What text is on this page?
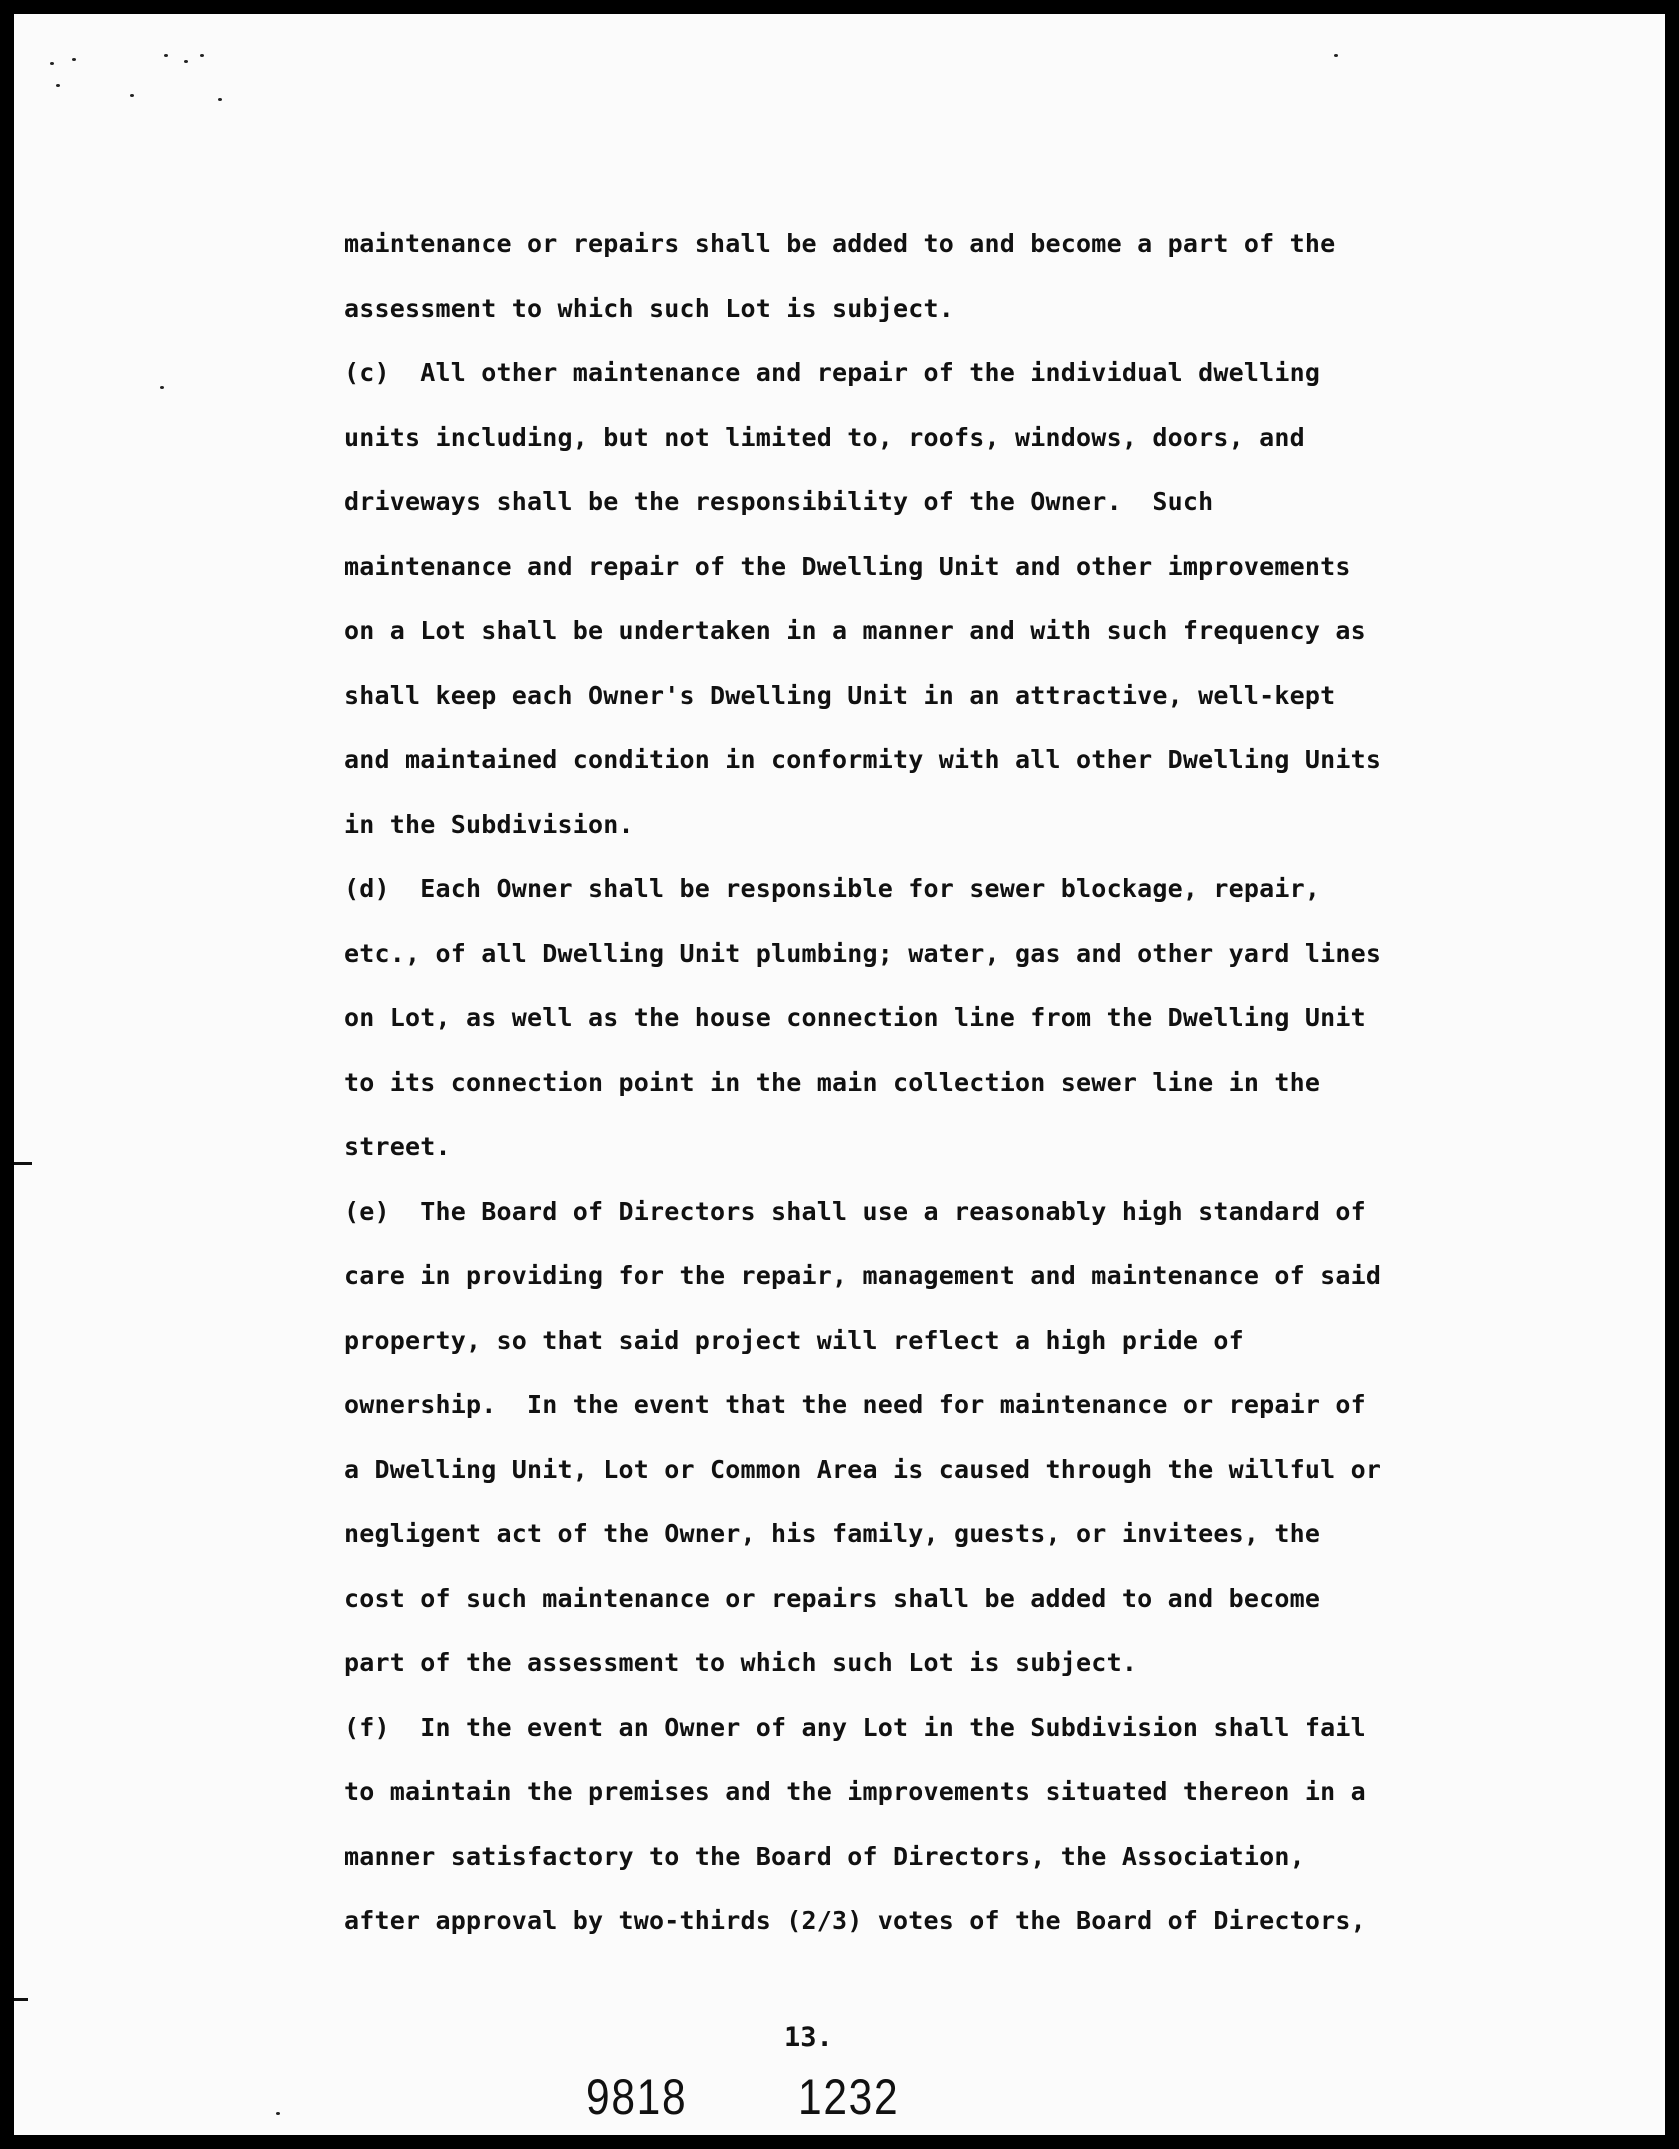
maintenance or repairs shall be added to and become a part of the
assessment to which such Lot is subject.
(c)  All other maintenance and repair of the individual dwelling
units including, but not limited to, roofs, windows, doors, and
driveways shall be the responsibility of the Owner.  Such
maintenance and repair of the Dwelling Unit and other improvements
on a Lot shall be undertaken in a manner and with such frequency as
shall keep each Owner's Dwelling Unit in an attractive, well-kept
and maintained condition in conformity with all other Dwelling Units
in the Subdivision.
(d)  Each Owner shall be responsible for sewer blockage, repair,
etc., of all Dwelling Unit plumbing; water, gas and other yard lines
on Lot, as well as the house connection line from the Dwelling Unit
to its connection point in the main collection sewer line in the
street.
(e)  The Board of Directors shall use a reasonably high standard of
care in providing for the repair, management and maintenance of said
property, so that said project will reflect a high pride of
ownership.  In the event that the need for maintenance or repair of
a Dwelling Unit, Lot or Common Area is caused through the willful or
negligent act of the Owner, his family, guests, or invitees, the
cost of such maintenance or repairs shall be added to and become
part of the assessment to which such Lot is subject.
(f)  In the event an Owner of any Lot in the Subdivision shall fail
to maintain the premises and the improvements situated thereon in a
manner satisfactory to the Board of Directors, the Association,
after approval by two-thirds (2/3) votes of the Board of Directors,
13.
9818 1232
